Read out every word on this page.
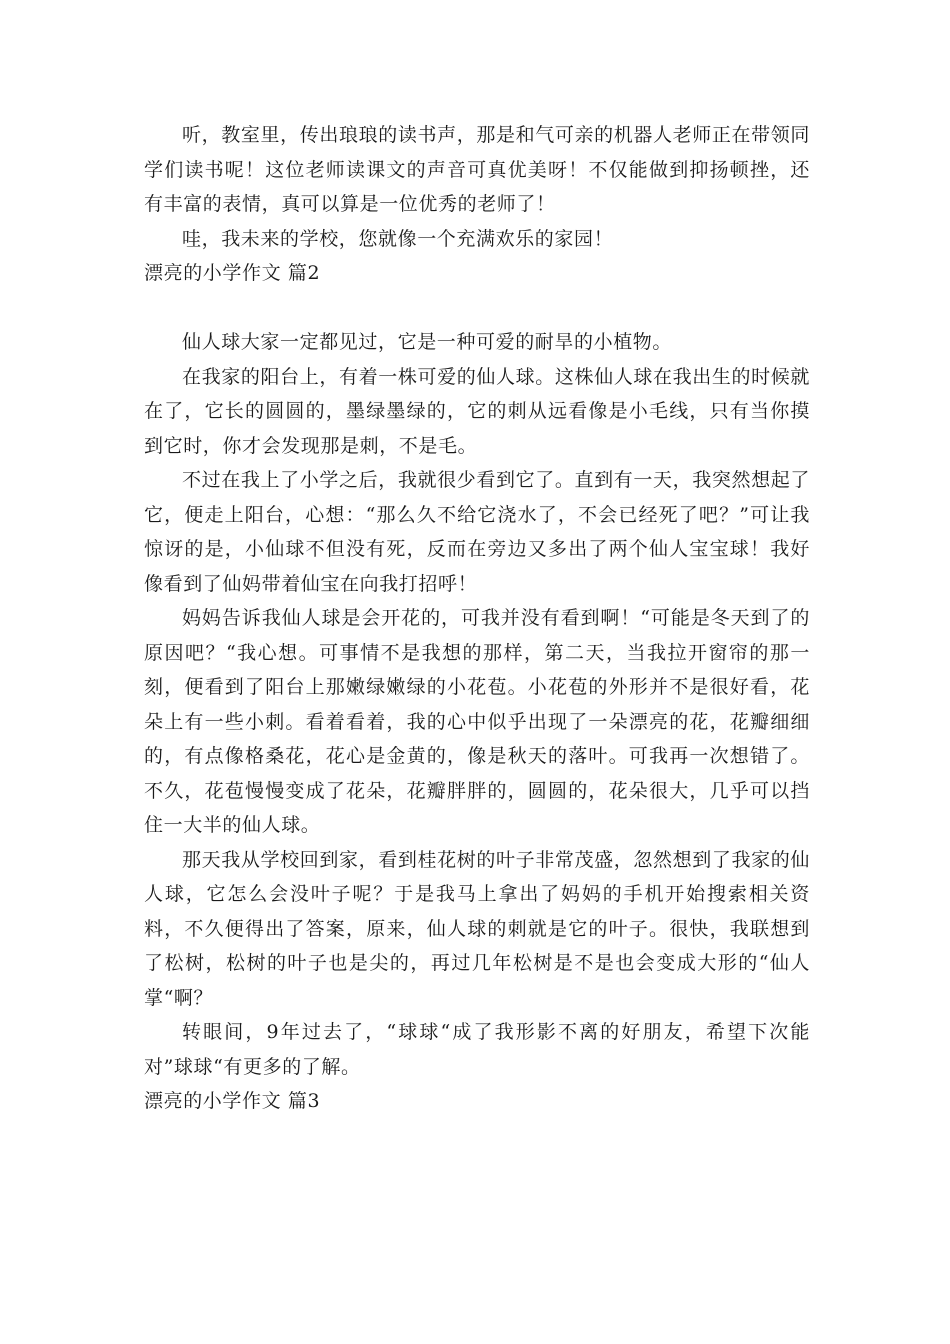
听，教室里，传出琅琅的读书声，那是和气可亲的机器人老师正在带领同学们读书呢！这位老师读课文的声音可真优美呀！不仅能做到抑扬顿挫，还有丰富的表情，真可以算是一位优秀的老师了！

哇，我未来的学校，您就像一个充满欢乐的家园！

漂亮的小学作文 篇2

仙人球大家一定都见过，它是一种可爱的耐旱的小植物。

在我家的阳台上，有着一株可爱的仙人球。这株仙人球在我出生的时候就在了，它长的圆圆的，墨绿墨绿的，它的刺从远看像是小毛线，只有当你摸到它时，你才会发现那是刺，不是毛。

不过在我上了小学之后，我就很少看到它了。直到有一天，我突然想起了它，便走上阳台，心想：“那么久不给它浇水了，不会已经死了吧？”可让我惊讶的是，小仙球不但没有死，反而在旁边又多出了两个仙人宝宝球！我好像看到了仙妈带着仙宝在向我打招呼！

妈妈告诉我仙人球是会开花的，可我并没有看到啊！“可能是冬天到了的原因吧？“我心想。可事情不是我想的那样，第二天，当我拉开窗帘的那一刻，便看到了阳台上那嫩绿嫩绿的小花苞。小花苞的外形并不是很好看，花朵上有一些小刺。看着看着，我的心中似乎出现了一朵漂亮的花，花瓣细细的，有点像格桑花，花心是金黄的，像是秋天的落叶。可我再一次想错了。不久，花苞慢慢变成了花朵，花瓣胖胖的，圆圆的，花朵很大，几乎可以挡住一大半的仙人球。

那天我从学校回到家，看到桂花树的叶子非常茂盛，忽然想到了我家的仙人球，它怎么会没叶子呢？于是我马上拿出了妈妈的手机开始搜索相关资料，不久便得出了答案，原来，仙人球的刺就是它的叶子。很快，我联想到了松树，松树的叶子也是尖的，再过几年松树是不是也会变成大形的“仙人掌“啊？

转眼间，9年过去了，“球球“成了我形影不离的好朋友，希望下次能

对”球球“有更多的了解。

漂亮的小学作文 篇3
